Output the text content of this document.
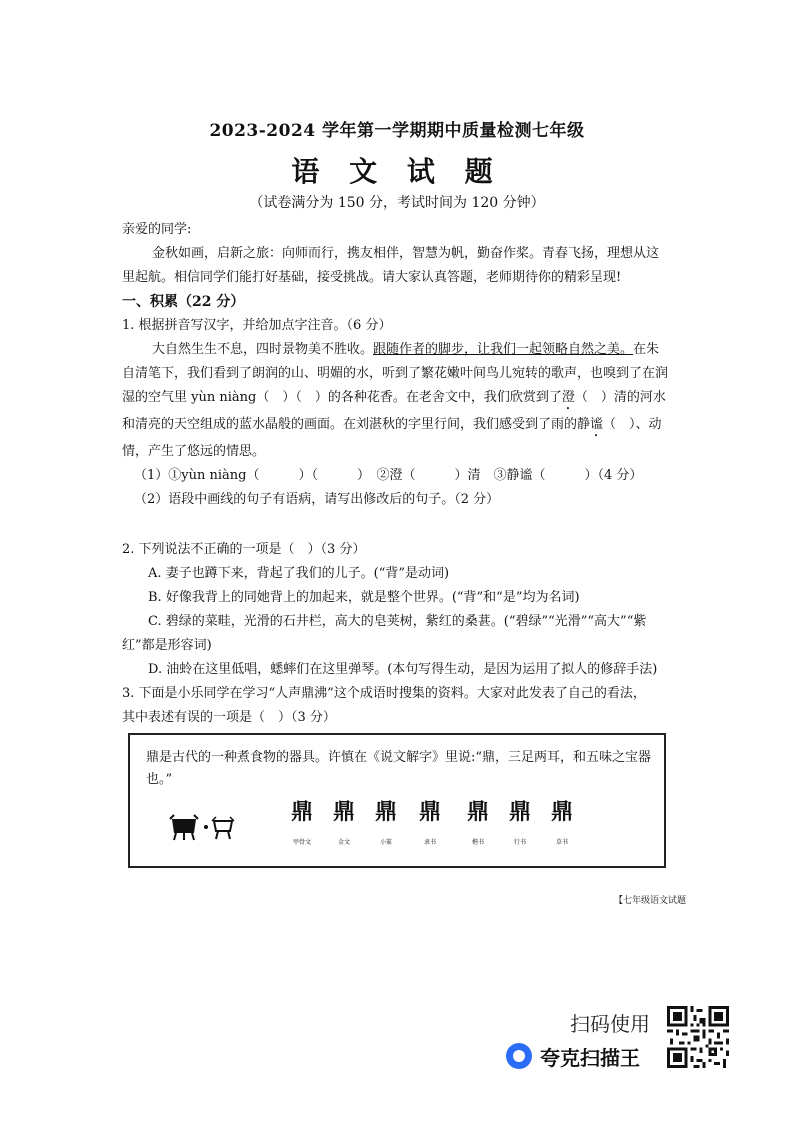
2023-2024 学年第一学期期中质量检测七年级
语 文 试 题
（试卷满分为 150 分，考试时间为 120 分钟）
亲爱的同学:
金秋如画，启新之旅：向师而行，携友相伴，智慧为帆，勤奋作桨。青春飞扬，理想从这里起航。相信同学们能打好基础，接受挑战。请大家认真答题，老师期待你的精彩呈现!
一、积累（22 分）
1. 根据拼音写汉字，并给加点字注音。（6 分）
大自然生生不息，四时景物美不胜收。跟随作者的脚步，让我们一起领略自然之美。在朱自清笔下，我们看到了朗润的山、明媚的水，听到了繁花嫩叶间鸟儿宛转的歌声，也嗅到了在润湿的空气里 yùn niàng（　）（　）的各种花香。在老舍文中，我们欣赏到了澄（　）清的河水和清亮的天空组成的蓝水晶般的画面。在刘湛秋的字里行间，我们感受到了雨的静谧（　）、动情，产生了悠远的情思。
（1）①yùn niàng（　　　）（　　　）　②澄（　　　）清　③静谧（　　　）（4 分）
（2）语段中画线的句子有语病，请写出修改后的句子。（2 分）
2. 下列说法不正确的一项是（　）（3 分）
A. 妻子也蹲下来，背起了我们的儿子。(“背”是动词)
B. 好像我背上的同她背上的加起来，就是整个世界。(“背”和“是”均为名词)
C. 碧绿的菜畦，光滑的石井栏，高大的皂荚树，紫红的桑葚。(“碧绿”“光滑”“高大”“紫
红”都是形容词)
D. 油蛉在这里低唱，蟋蟀们在这里弹琴。(本句写得生动，是因为运用了拟人的修辞手法)
3. 下面是小乐同学在学习“人声鼎沸”这个成语时搜集的资料。大家对此发表了自己的看法，
其中表述有误的一项是（　）（3 分）
鼎是古代的一种煮食物的器具。许慎在《说文解字》里说:“鼎，三足两耳，和五味之宝器也。”
鼎
甲骨文
鼎
金文
鼎
小篆
鼎
隶书
鼎
楷书
鼎
行书
鼎
草书
【七年级语文试题
扫码使用
夸克扫描王
